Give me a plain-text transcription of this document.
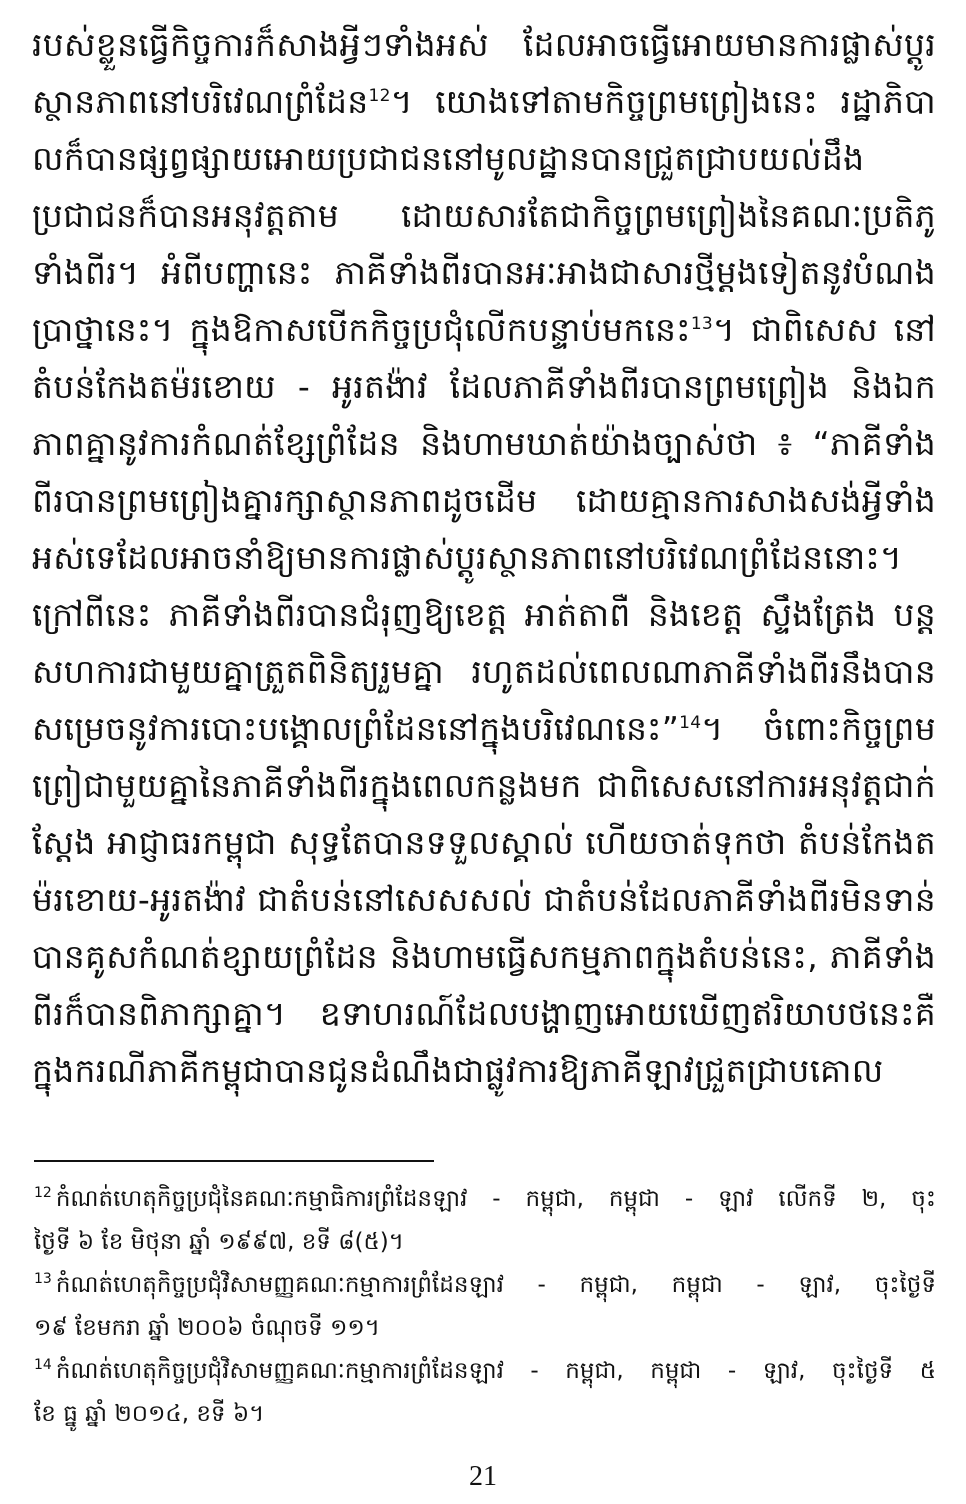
របស់ខ្លួនធ្វើកិច្ចការក៏សាងអ្វីៗទាំងអស់ ដែលអាចធ្វើអោយមានការផ្លាស់ប្តូរ
ស្ថានភាពនៅបរិវេណព្រំដែន$^{12}$។ យោងទៅតាមកិច្ចព្រមព្រៀងនេះ រដ្ឋាភិបា
លក៏បានផ្សព្វផ្សាយអោយប្រជាជននៅមូលដ្ឋានបានជ្រួតជ្រាបយល់ដឹង
ប្រជាជនក៏បានអនុវត្តតាម ដោយសារតែជាកិច្ចព្រមព្រៀងនៃគណៈប្រតិភូ
ទាំងពីរ។ អំពីបញ្ហានេះ ភាគីទាំងពីរបានអៈអាងជាសារថ្មីម្តងទៀតនូវបំណង
ប្រាថ្នានេះ។ ក្នុងឱកាសបើកកិច្ចប្រជុំលើកបន្ទាប់មកនេះ$^{13}$។ ជាពិសេស នៅ
តំបន់កែងតម៉រខោយ - អូរតង៉ាវ ដែលភាគីទាំងពីរបានព្រមព្រៀង និងឯក
ភាពគ្នានូវការកំណត់ខ្សែព្រំដែន និងហាមឃាត់យ៉ាងច្បាស់ថា ៖ “ភាគីទាំង
ពីរបានព្រមព្រៀងគ្នារក្សាស្ថានភាពដូចដើម ដោយគ្មានការសាងសង់អ្វីទាំង
អស់ទេដែលអាចនាំឱ្យមានការផ្លាស់ប្តូរស្ថានភាពនៅបរិវេណព្រំដែននោះ។
ក្រៅពីនេះ ភាគីទាំងពីរបានជំរុញឱ្យខេត្ត អាត់តាពឺ និងខេត្ត ស្ទឹងត្រែង បន្ត
សហការជាមួយគ្នាត្រួតពិនិត្យរួមគ្នា រហូតដល់ពេលណាភាគីទាំងពីរនឹងបាន
សម្រេចនូវការបោះបង្គោលព្រំដែននៅក្នុងបរិវេណនេះ”$^{14}$។ ចំពោះកិច្ចព្រម
ព្រៀជាមួយគ្នានៃភាគីទាំងពីរក្នុងពេលកន្លងមក ជាពិសេសនៅការអនុវត្តជាក់
ស្តែង អាជ្ញាធរកម្ពុជា សុទ្ធតែបានទទួលស្គាល់ ហើយចាត់ទុកថា តំបន់កែងត
ម៉រខោយ-អូរតង៉ាវ ជាតំបន់នៅសេសសល់ ជាតំបន់ដែលភាគីទាំងពីរមិនទាន់
បានគូសកំណត់ខ្សាយព្រំដែន និងហាមធ្វើសកម្មភាពក្នុងតំបន់នេះ, ភាគីទាំង
ពីរក៏បានពិភាក្សាគ្នា។ ឧទាហរណ៍ដែលបង្ហាញអោយឃើញឥរិយាបថនេះគឺ
ក្នុងករណីភាគីកម្ពុជាបានជូនដំណឹងជាផ្លូវការឱ្យភាគីឡាវជ្រួតជ្រាបគោល
$^{12}$ កំណត់ហេតុកិច្ចប្រជុំនៃគណៈកម្មាធិការព្រំដែនឡាវ - កម្ពុជា, កម្ពុជា - ឡាវ លើកទី ២, ចុះ
ថ្ងៃទី ៦ ខែ មិថុនា ឆ្នាំ ១៩៩៧, ខទី ៨(៥)។
$^{13}$ កំណត់ហេតុកិច្ចប្រជុំវិសាមញ្ញគណៈកម្មាការព្រំដែនឡាវ - កម្ពុជា, កម្ពុជា - ឡាវ, ចុះថ្ងៃទី
១៩ ខែមករា ឆ្នាំ ២០០៦ ចំណុចទី ១១។
$^{14}$ កំណត់ហេតុកិច្ចប្រជុំវិសាមញ្ញគណៈកម្មាការព្រំដែនឡាវ - កម្ពុជា, កម្ពុជា - ឡាវ, ចុះថ្ងៃទី ៥
ខែ ធ្នូ ឆ្នាំ ២០១៤, ខទី ៦។
21
